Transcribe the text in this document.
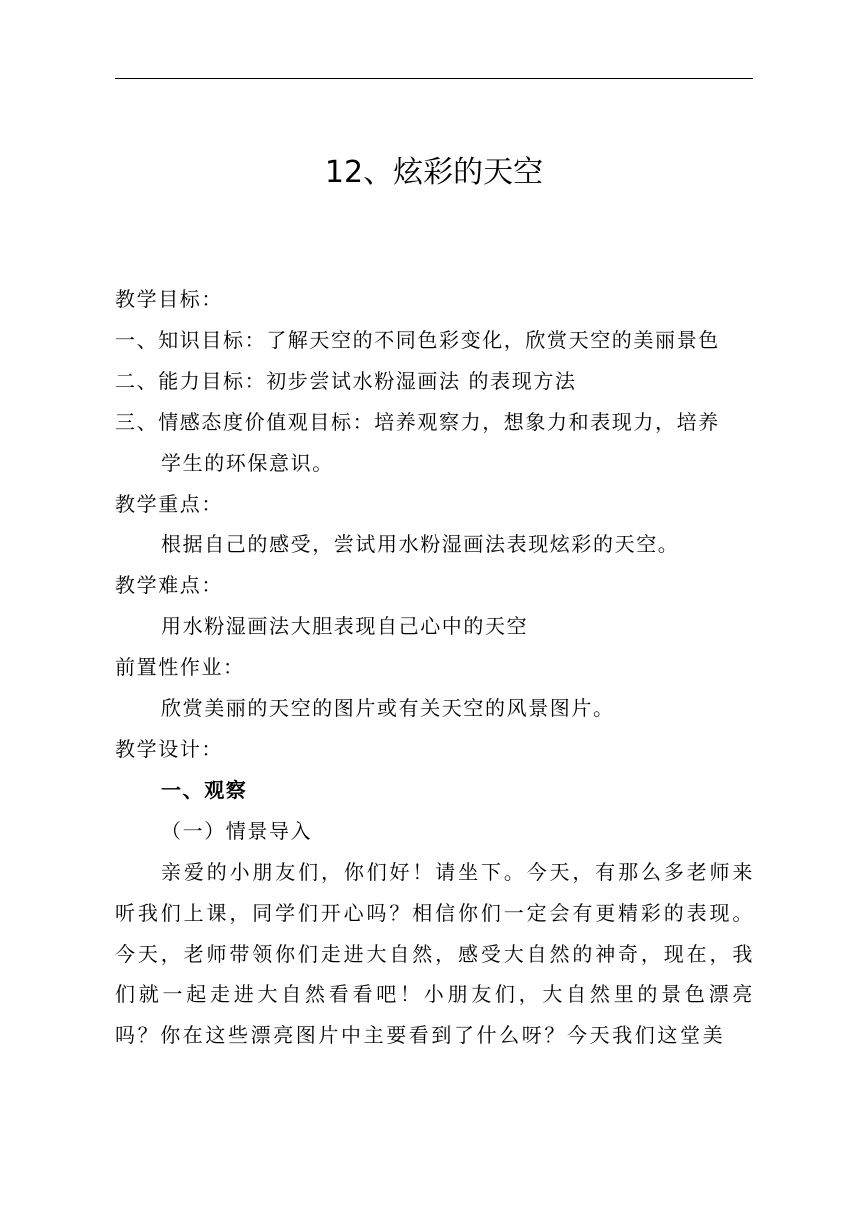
12、炫彩的天空
教学目标：
一、知识目标：了解天空的不同色彩变化，欣赏天空的美丽景色
二、能力目标：初步尝试水粉湿画法 的表现方法
三、情感态度价值观目标：培养观察力，想象力和表现力，培养
学生的环保意识。
教学重点：
根据自己的感受，尝试用水粉湿画法表现炫彩的天空。
教学难点：
用水粉湿画法大胆表现自己心中的天空
前置性作业：
欣赏美丽的天空的图片或有关天空的风景图片。
教学设计：
一、观察
（一）情景导入

亲爱的小朋友们，你们好！请坐下。今天，有那么多老师来听我们上课，同学们开心吗？相信你们一定会有更精彩的表现。今天，老师带领你们走进大自然，感受大自然的神奇，现在，我们就一起走进大自然看看吧！小朋友们，大自然里的景色漂亮吗？你在这些漂亮图片中主要看到了什么呀？今天我们这堂美
